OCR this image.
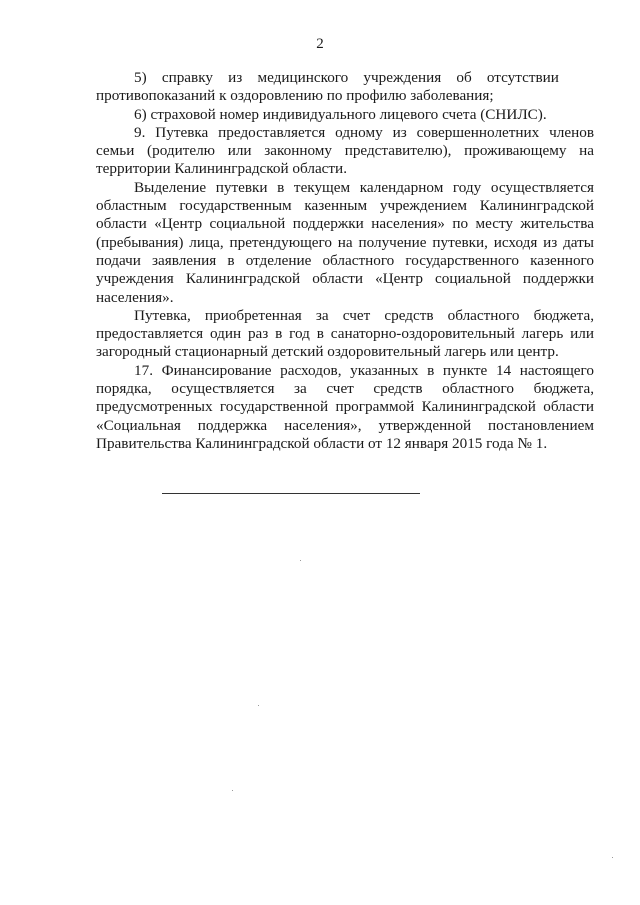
2

5) справку из медицинского учреждения об отсутствии противопоказаний к оздоровлению по профилю заболевания;

6) страховой номер индивидуального лицевого счета (СНИЛС).

9. Путевка предоставляется одному из совершеннолетних членов семьи (родителю или законному представителю), проживающему на территории Калининградской области.

Выделение путевки в текущем календарном году осуществляется областным государственным казенным учреждением Калининградской области «Центр социальной поддержки населения» по месту жительства (пребывания) лица, претендующего на получение путевки, исходя из даты подачи заявления в отделение областного государственного казенного учреждения Калининградской области «Центр социальной поддержки населения».

Путевка, приобретенная за счет средств областного бюджета, предоставляется один раз в год в санаторно-оздоровительный лагерь или загородный стационарный детский оздоровительный лагерь или центр.

17. Финансирование расходов, указанных в пункте 14 настоящего порядка, осуществляется за счет средств областного бюджета, предусмотренных государственной программой Калининградской области «Социальная поддержка населения», утвержденной постановлением Правительства Калининградской области от 12 января 2015 года № 1.
